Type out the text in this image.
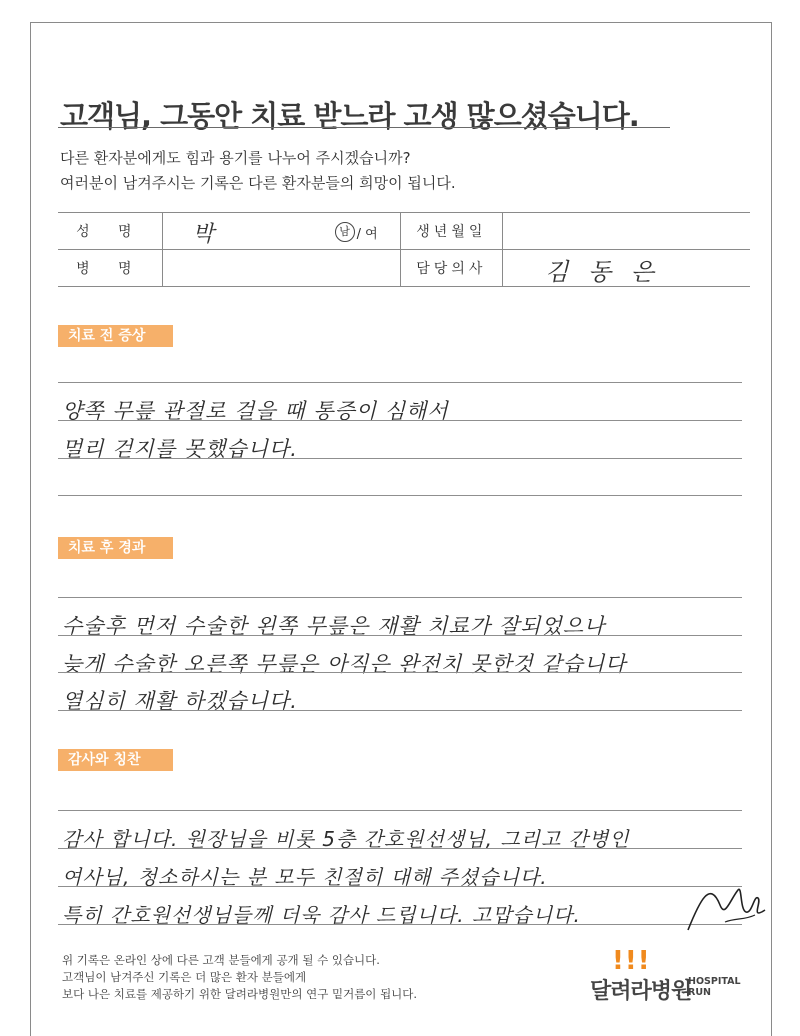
고객님, 그동안 치료 받느라 고생 많으셨습니다.
다른 환자분에게도 힘과 용기를 나누어 주시겠습니까?
여러분이 남겨주시는 기록은 다른 환자분들의 희망이 됩니다.
성 명	박 남 / 여	생년월일	
병 명		담당의사	김 동 은
치료 전 증상
양쪽 무릎 관절로 걸을 때 통증이 심해서
멀리 걷지를 못했습니다.
치료 후 경과
수술후 먼저 수술한 왼쪽 무릎은 재활 치료가 잘되었으나
늦게 수술한 오른쪽 무릎은 아직은 완전치 못한것 같습니다
열심히 재활 하겠습니다.
감사와 칭찬
감사 합니다. 원장님을 비롯 5층 간호원선생님, 그리고 간병인
여사님, 청소하시는 분 모두 친절히 대해 주셨습니다.
특히 간호원선생님들께 더욱 감사 드립니다. 고맙습니다.
위 기록은 온라인 상에 다른 고객 분들에게 공개 될 수 있습니다.
고객님이 남겨주신 기록은 더 많은 환자 분들에게
보다 나은 치료를 제공하기 위한 달려라병원만의 연구 밑거름이 됩니다.
!!!
달려라병원
HOSPITAL
RUN
